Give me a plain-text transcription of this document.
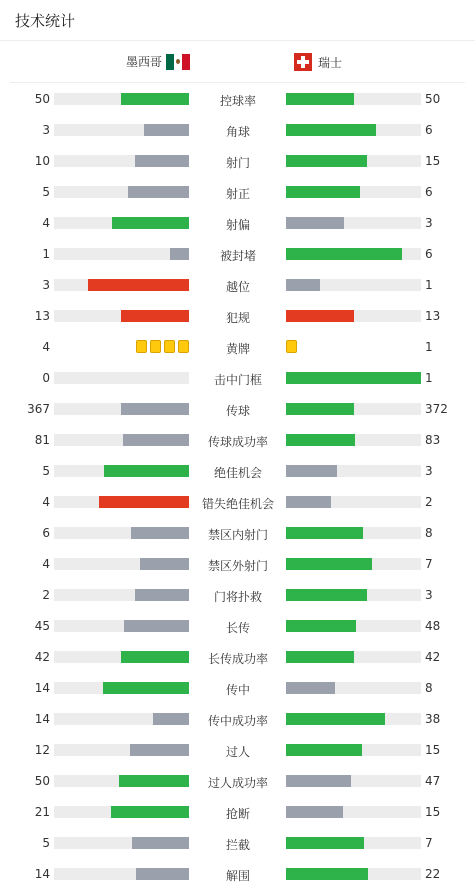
技术统计
墨西哥	瑞士
50	控球率	50
3	角球	6
10	射门	15
5	射正	6
4	射偏	3
1	被封堵	6
3	越位	1
13	犯规	13
4	黄牌	1
0	击中门框	1
367	传球	372
81	传球成功率	83
5	绝佳机会	3
4	错失绝佳机会	2
6	禁区内射门	8
4	禁区外射门	7
2	门将扑救	3
45	长传	48
42	长传成功率	42
14	传中	8
14	传中成功率	38
12	过人	15
50	过人成功率	47
21	抢断	15
5	拦截	7
14	解围	22
